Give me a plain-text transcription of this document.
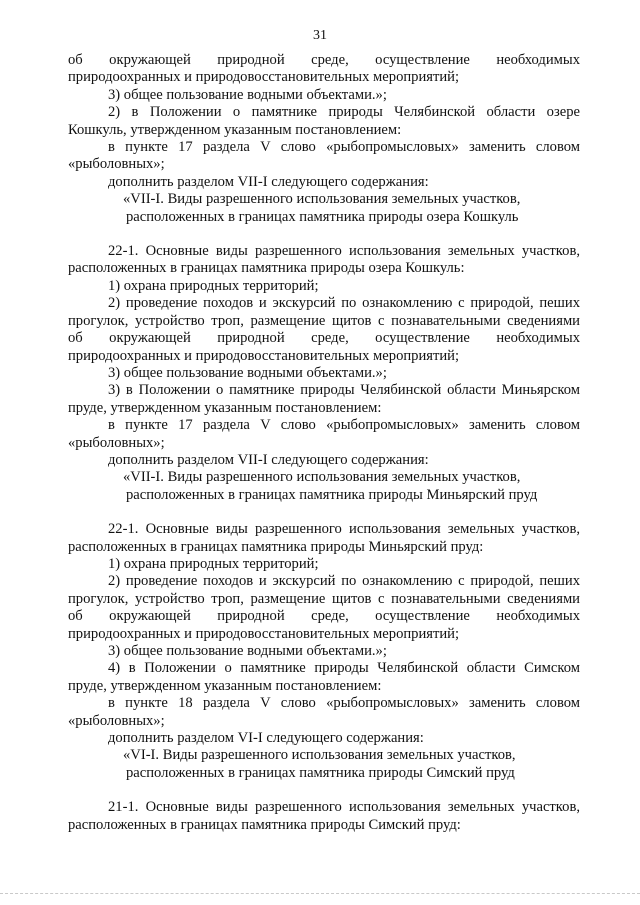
31

об окружающей природной среде, осуществление необходимых

природоохранных и природовосстановительных мероприятий;

3) общее пользование водными объектами.»;

2) в Положении о памятнике природы Челябинской области озере

Кошкуль, утвержденном указанным постановлением:

в пункте 17 раздела V слово «рыбопромысловых» заменить словом

«рыболовных»;

дополнить разделом VII-I следующего содержания:

«VII-I. Виды разрешенного использования земельных участков,
расположенных в границах памятника природы озера Кошкуль

22-1. Основные виды разрешенного использования земельных участков,

расположенных в границах памятника природы озера Кошкуль:

1) охрана природных территорий;

2) проведение походов и экскурсий по ознакомлению с природой, пеших

прогулок, устройство троп, размещение щитов с познавательными сведениями

об окружающей природной среде, осуществление необходимых

природоохранных и природовосстановительных мероприятий;

3) общее пользование водными объектами.»;

3) в Положении о памятнике природы Челябинской области Миньярском

пруде, утвержденном указанным постановлением:

в пункте 17 раздела V слово «рыбопромысловых» заменить словом

«рыболовных»;

дополнить разделом VII-I следующего содержания:

«VII-I. Виды разрешенного использования земельных участков,
расположенных в границах памятника природы Миньярский пруд

22-1. Основные виды разрешенного использования земельных участков,

расположенных в границах памятника природы Миньярский пруд:

1) охрана природных территорий;

2) проведение походов и экскурсий по ознакомлению с природой, пеших

прогулок, устройство троп, размещение щитов с познавательными сведениями

об окружающей природной среде, осуществление необходимых

природоохранных и природовосстановительных мероприятий;

3) общее пользование водными объектами.»;

4) в Положении о памятнике природы Челябинской области Симском

пруде, утвержденном указанным постановлением:

в пункте 18 раздела V слово «рыбопромысловых» заменить словом

«рыболовных»;

дополнить разделом VI-I следующего содержания:

«VI-I. Виды разрешенного использования земельных участков,
расположенных в границах памятника природы Симский пруд

21-1. Основные виды разрешенного использования земельных участков,

расположенных в границах памятника природы Симский пруд:
